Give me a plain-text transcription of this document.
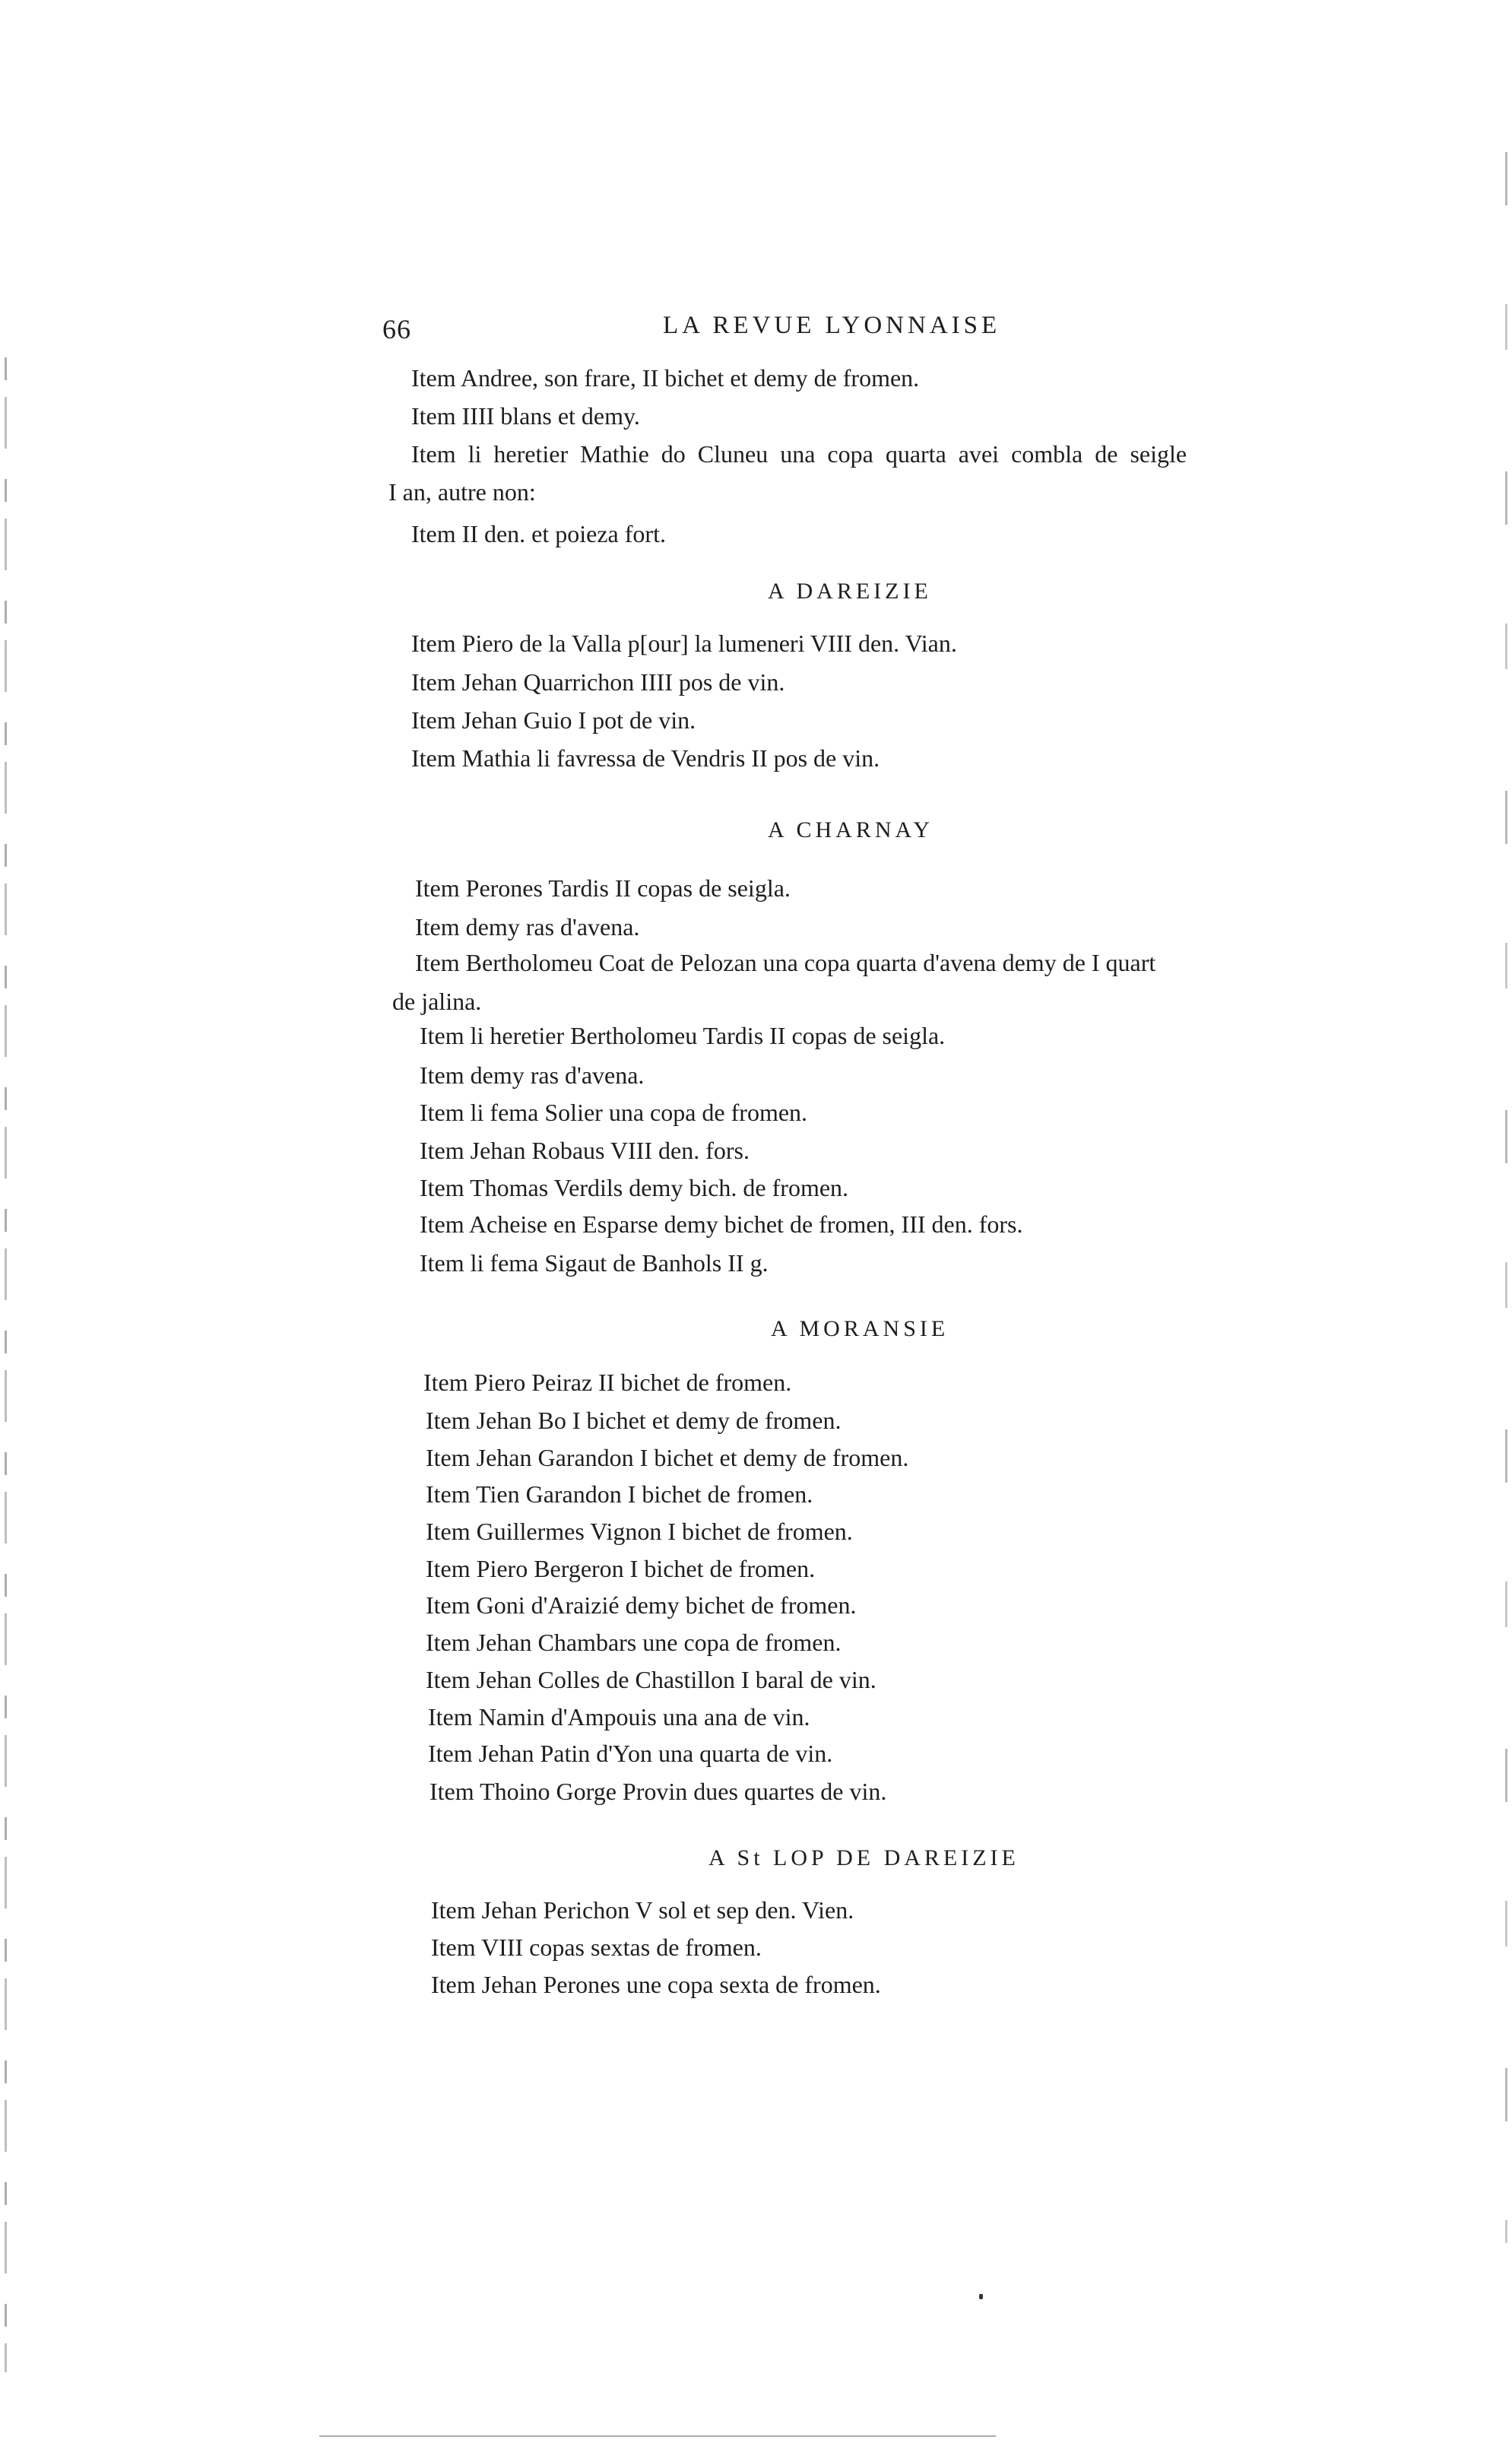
66	LA REVUE LYONNAISE
Item Andree, son frare, II bichet et demy de fromen.
Item IIII blans et demy.
Item li heretier Mathie do Cluneu una copa quarta avei combla de seigle
I an, autre non:
Item II den. et poieza fort.
A DAREIZIE
Item Piero de la Valla p[our] la lumeneri VIII den. Vian.
Item Jehan Quarrichon IIII pos de vin.
Item Jehan Guio I pot de vin.
Item Mathia li favressa de Vendris II pos de vin.
A CHARNAY
Item Perones Tardis II copas de seigla.
Item demy ras d'avena.
Item Bertholomeu Coat de Pelozan una copa quarta d'avena demy de I quart
de jalina.
Item li heretier Bertholomeu Tardis II copas de seigla.
Item demy ras d'avena.
Item li fema Solier una copa de fromen.
Item Jehan Robaus VIII den. fors.
Item Thomas Verdils demy bich. de fromen.
Item Acheise en Esparse demy bichet de fromen, III den. fors.
Item li fema Sigaut de Banhols II g.
A MORANSIE
Item Piero Peiraz II bichet de fromen.
Item Jehan Bo I bichet et demy de fromen.
Item Jehan Garandon I bichet et demy de fromen.
Item Tien Garandon I bichet de fromen.
Item Guillermes Vignon I bichet de fromen.
Item Piero Bergeron I bichet de fromen.
Item Goni d'Araizié demy bichet de fromen.
Item Jehan Chambars une copa de fromen.
Item Jehan Colles de Chastillon I baral de vin.
Item Namin d'Ampouis una ana de vin.
Item Jehan Patin d'Yon una quarta de vin.
Item Thoino Gorge Provin dues quartes de vin.
A St LOP DE DAREIZIE
Item Jehan Perichon V sol et sep den. Vien.
Item VIII copas sextas de fromen.
Item Jehan Perones une copa sexta de fromen.
